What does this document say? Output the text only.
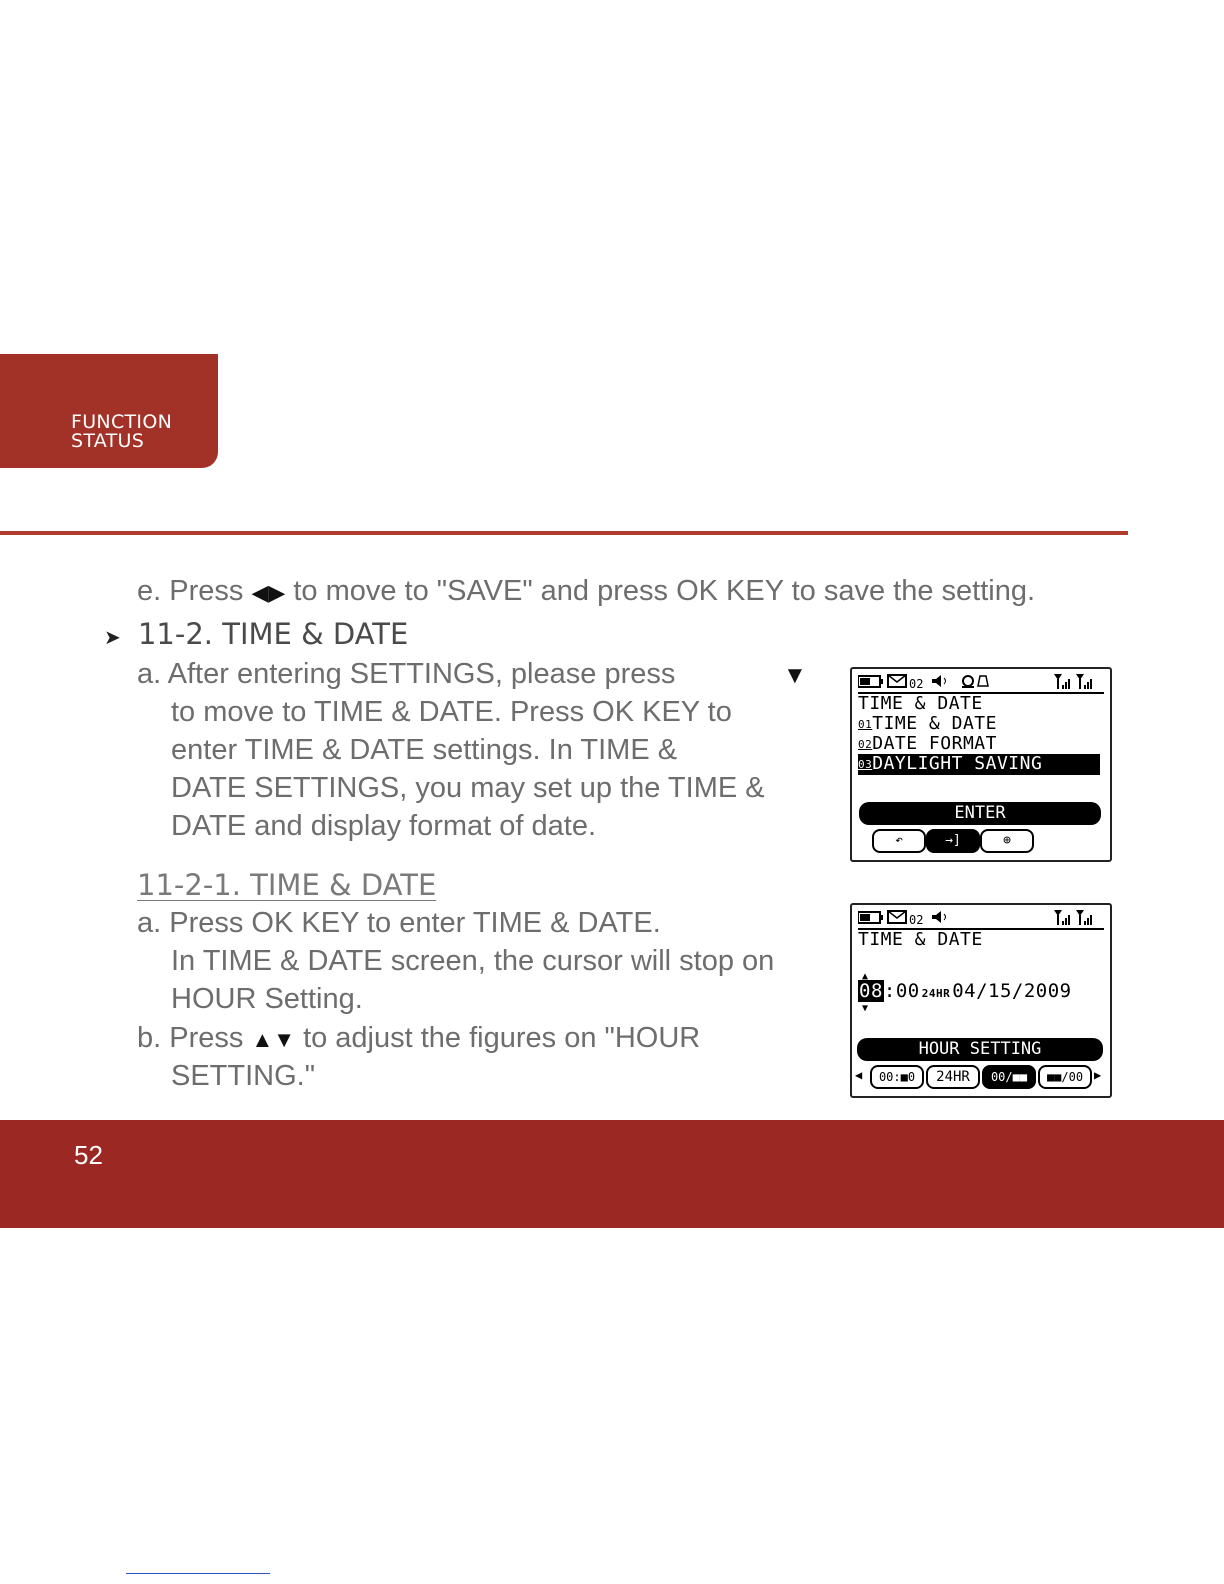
FUNCTION
STATUS
e. Press ◀▶ to move to "SAVE" and press OK KEY to save the setting.
➤ 11-2. TIME & DATE
a. After entering SETTINGS, please press	▼
to move to TIME & DATE. Press OK KEY to
enter TIME & DATE settings. In TIME &
DATE SETTINGS, you may set up the TIME &
DATE and display format of date.
11-2-1. TIME & DATE
a. Press OK KEY to enter TIME & DATE.
In TIME & DATE screen, the cursor will stop on
HOUR Setting.
b. Press ▲▼ to adjust the figures on "HOUR
SETTING."
02
TIME & DATE
01TIME & DATE
02DATE FORMAT
03DAYLIGHT SAVING
ENTER
↶	→]	⊕
02
TIME & DATE
▲
08
▼
:00 24HR 04/15/2009
HOUR SETTING
◀	00:■0	24HR	00/■■	■■/00 ▶
52
